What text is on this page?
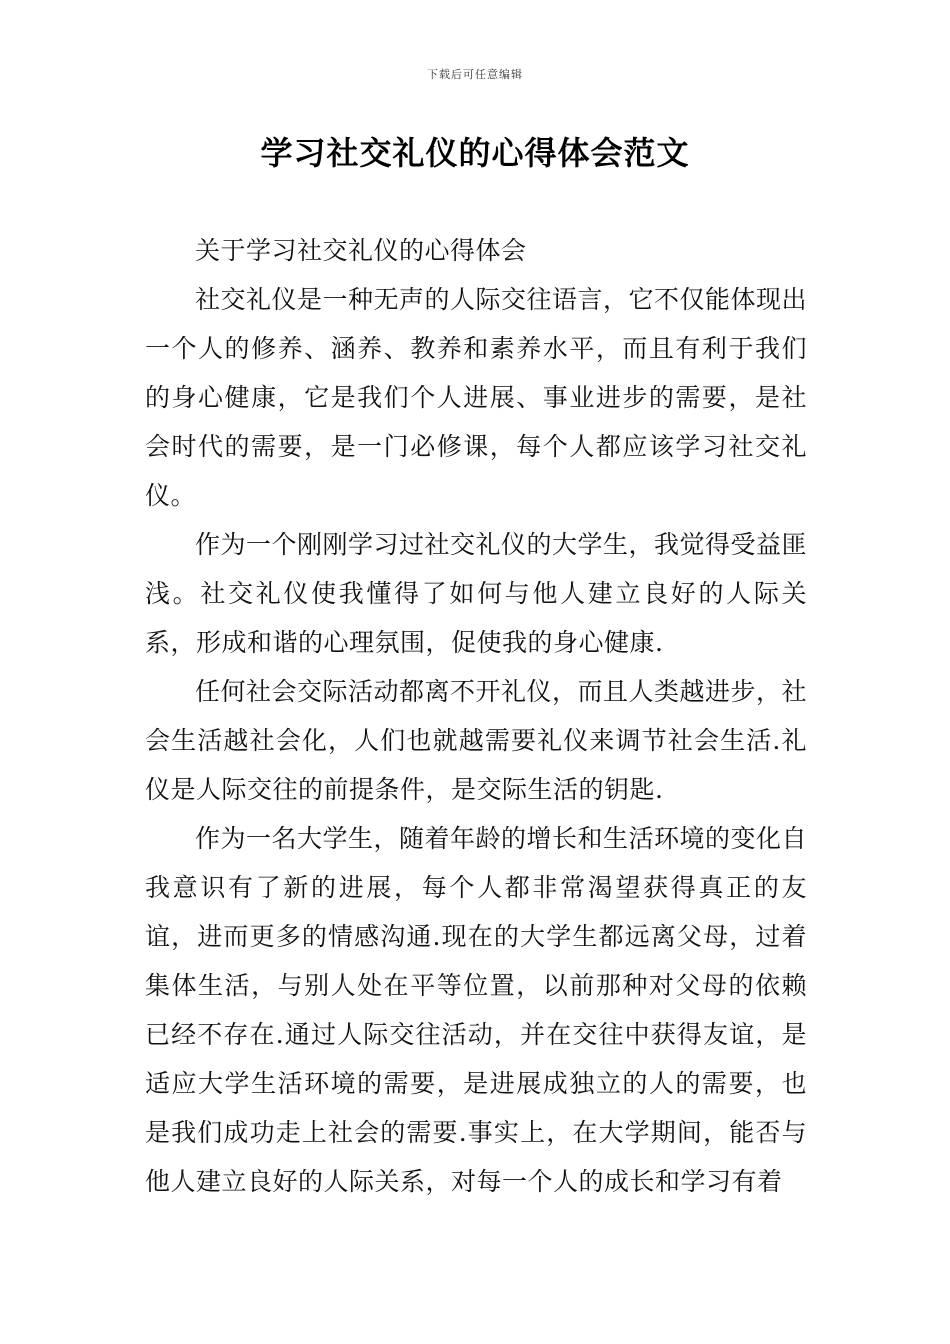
下载后可任意编辑
学习社交礼仪的心得体会范文

关于学习社交礼仪的心得体会

社交礼仪是一种无声的人际交往语言，它不仅能体现出一个人的修养、涵养、教养和素养水平，而且有利于我们的身心健康，它是我们个人进展、事业进步的需要，是社会时代的需要，是一门必修课，每个人都应该学习社交礼仪。

作为一个刚刚学习过社交礼仪的大学生，我觉得受益匪浅。社交礼仪使我懂得了如何与他人建立良好的人际关系，形成和谐的心理氛围，促使我的身心健康.

任何社会交际活动都离不开礼仪，而且人类越进步，社会生活越社会化，人们也就越需要礼仪来调节社会生活.礼仪是人际交往的前提条件，是交际生活的钥匙.

作为一名大学生，随着年龄的增长和生活环境的变化自我意识有了新的进展，每个人都非常渴望获得真正的友谊，进而更多的情感沟通.现在的大学生都远离父母，过着集体生活，与别人处在平等位置，以前那种对父母的依赖已经不存在.通过人际交往活动，并在交往中获得友谊，是适应大学生活环境的需要，是进展成独立的人的需要，也是我们成功走上社会的需要.事实上，在大学期间，能否与他人建立良好的人际关系，对每一个人的成长和学习有着
